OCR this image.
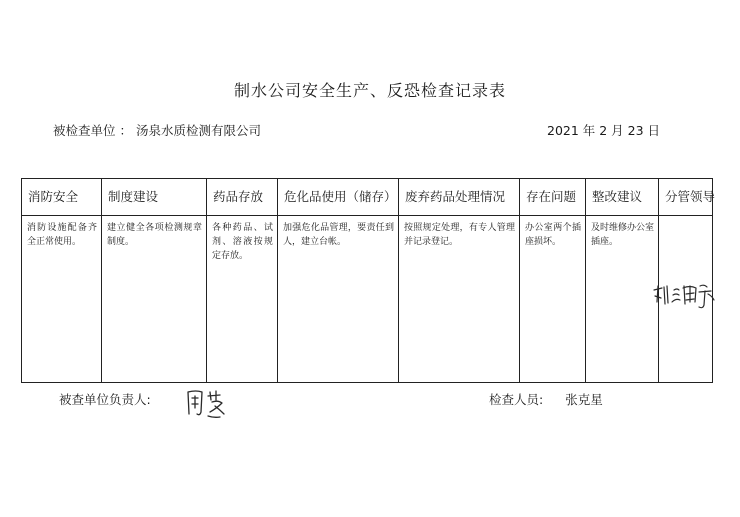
制水公司安全生产、反恐检查记录表
被检查单位 ： 汤泉水质检测有限公司	2021 年 2 月 23 日
消防安全
消防设施配备齐全正常使用。
制度建设
建立健全各项检测规章制度。
药品存放
各种药品、试剂、溶液按规定存放。
危化品使用（储存）
加强危化品管理，要责任到人，建立台帐。
废弃药品处理情况
按照规定处理，有专人管理并记录登记。
存在问题
办公室两个插座损坏。
整改建议
及时维修办公室插座。
分管领导
被查单位负责人:	检查人员: 张克星
